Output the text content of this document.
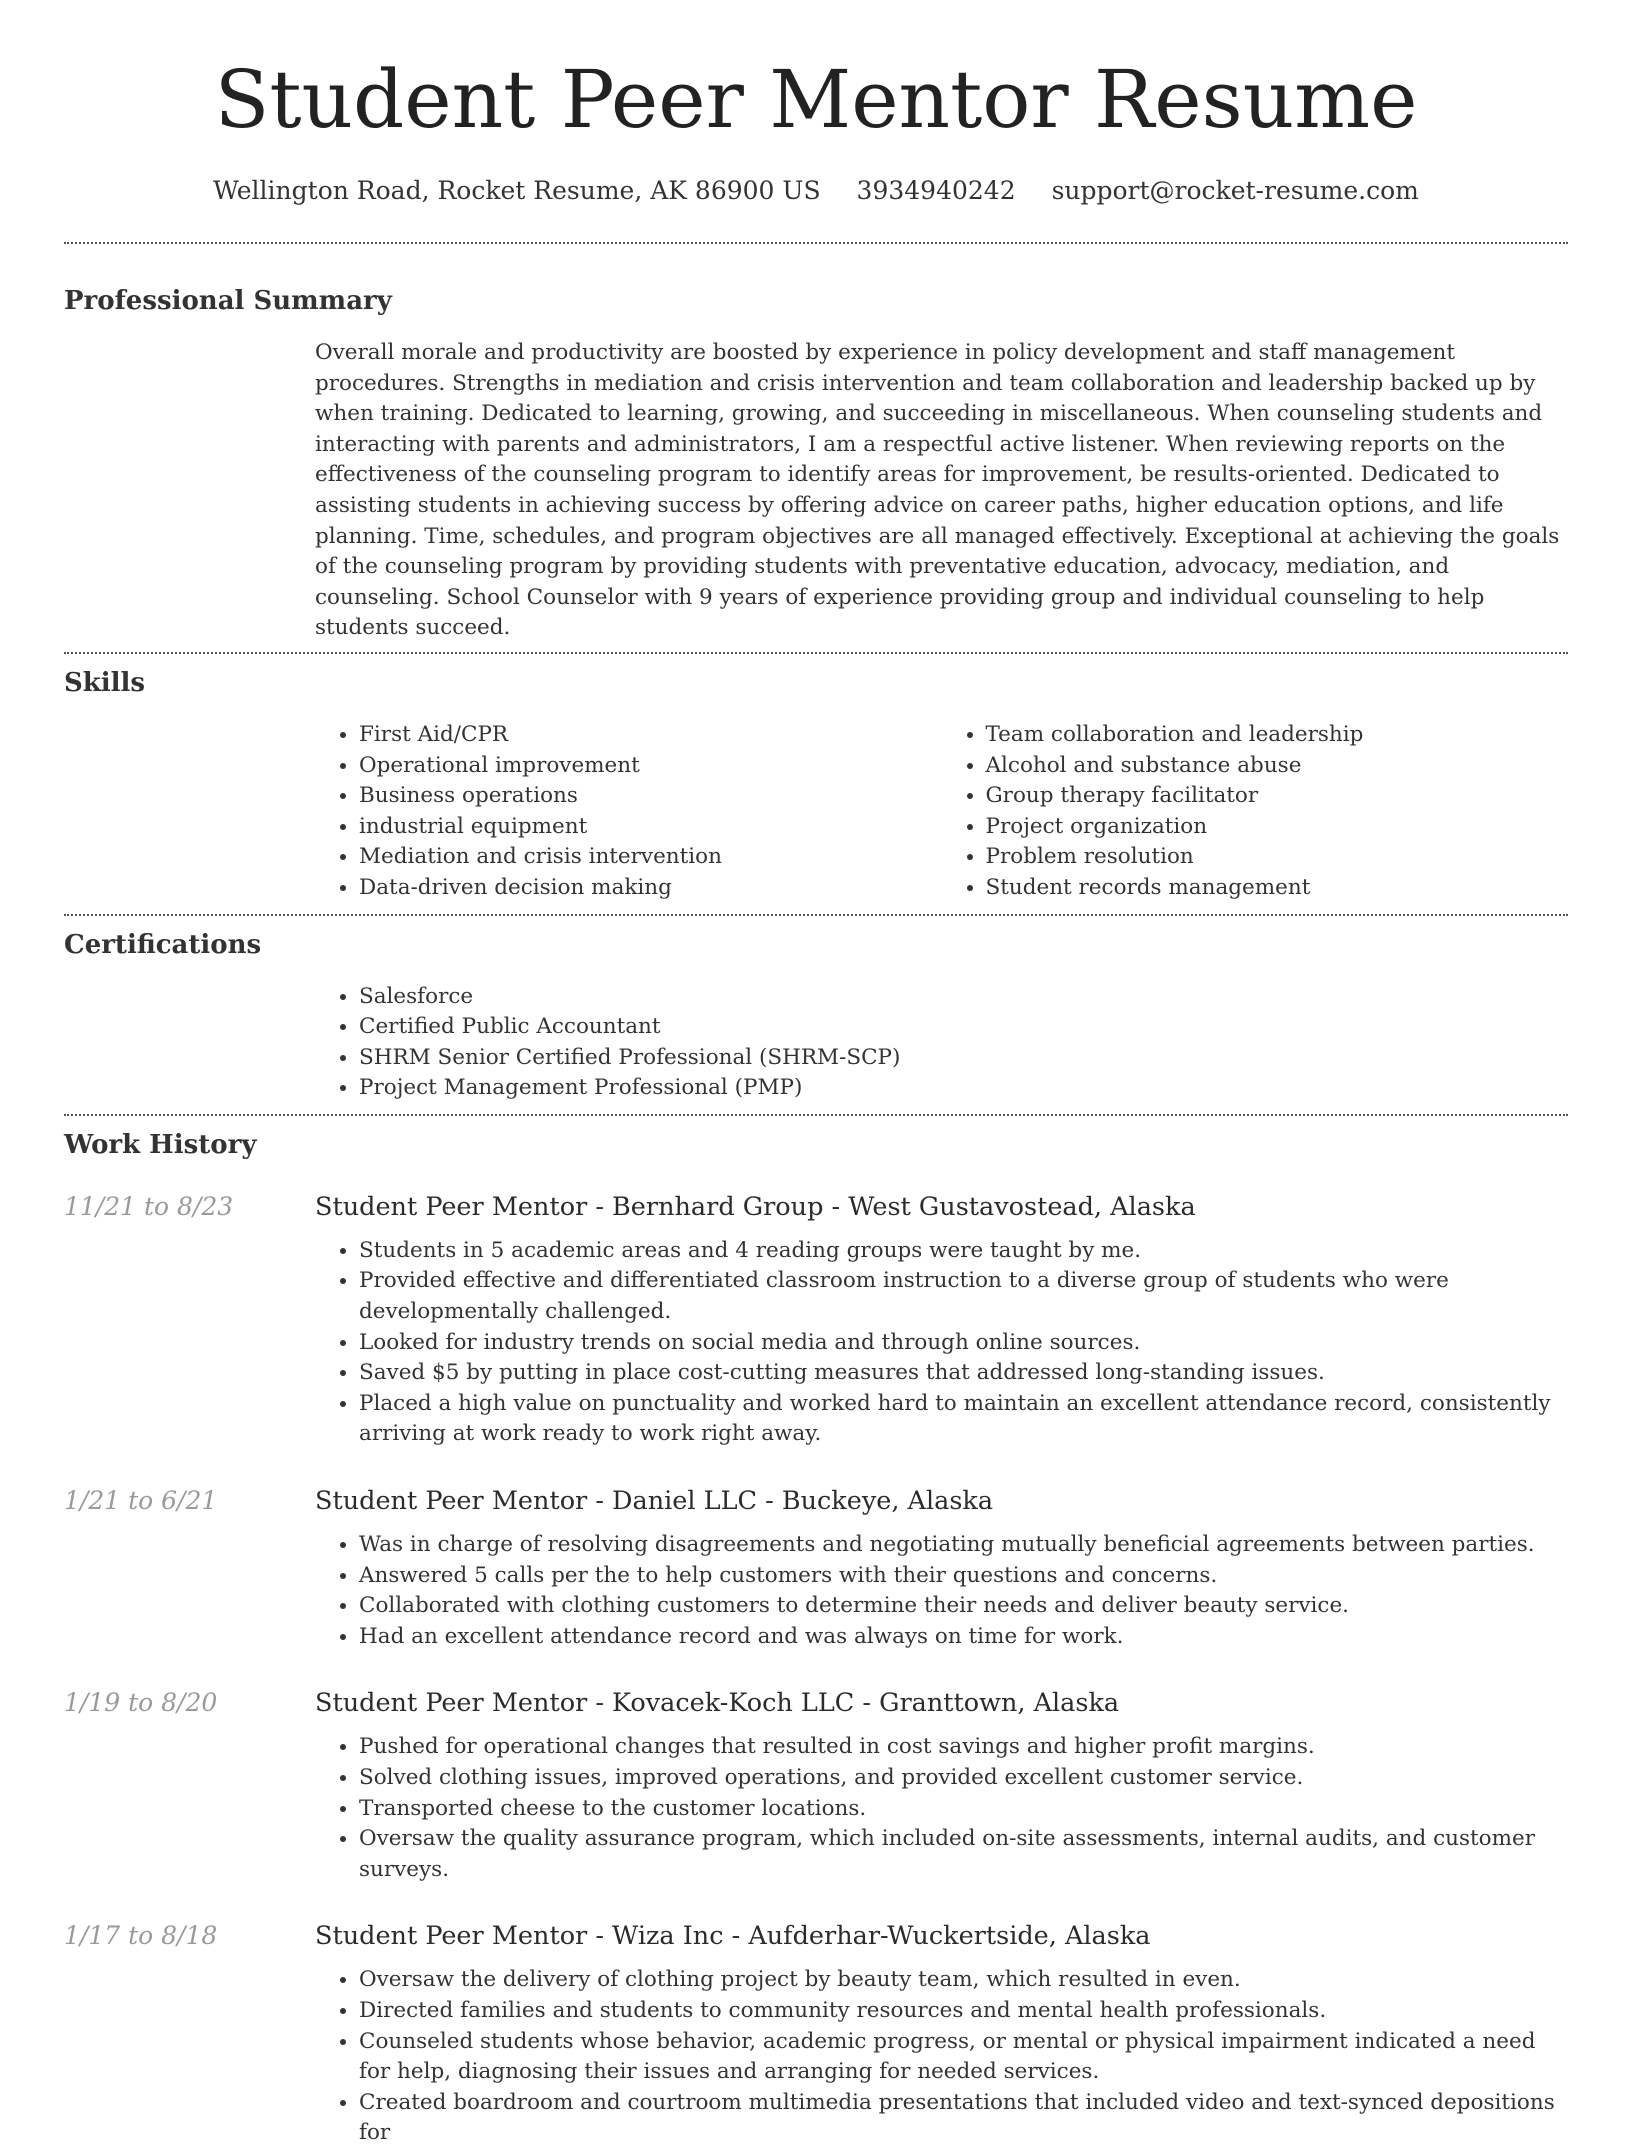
Student Peer Mentor Resume
Wellington Road, Rocket Resume, AK 86900 US 3934940242 support@rocket-resume.com
Professional Summary

Overall morale and productivity are boosted by experience in policy development and staff management procedures. Strengths in mediation and crisis intervention and team collaboration and leadership backed up by when training. Dedicated to learning, growing, and succeeding in miscellaneous. When counseling students and interacting with parents and administrators, I am a respectful active listener. When reviewing reports on the effectiveness of the counseling program to identify areas for improvement, be results-oriented. Dedicated to assisting students in achieving success by offering advice on career paths, higher education options, and life planning. Time, schedules, and program objectives are all managed effectively. Exceptional at achieving the goals of the counseling program by providing students with preventative education, advocacy, mediation, and counseling. School Counselor with 9 years of experience providing group and individual counseling to help students succeed.

Skills
• First Aid/CPR
• Operational improvement
• Business operations
• industrial equipment
• Mediation and crisis intervention
• Data-driven decision making
• Team collaboration and leadership
• Alcohol and substance abuse
• Group therapy facilitator
• Project organization
• Problem resolution
• Student records management
Certifications
• Salesforce
• Certified Public Accountant
• SHRM Senior Certified Professional (SHRM-SCP)
• Project Management Professional (PMP)
Work History
11/21 to 8/23	Student Peer Mentor - Bernhard Group - West Gustavostead, Alaska
• Students in 5 academic areas and 4 reading groups were taught by me.
• Provided effective and differentiated classroom instruction to a diverse group of students who were developmentally challenged.
• Looked for industry trends on social media and through online sources.
• Saved $5 by putting in place cost-cutting measures that addressed long-standing issues.
• Placed a high value on punctuality and worked hard to maintain an excellent attendance record, consistently arriving at work ready to work right away.
1/21 to 6/21	Student Peer Mentor - Daniel LLC - Buckeye, Alaska
• Was in charge of resolving disagreements and negotiating mutually beneficial agreements between parties.
• Answered 5 calls per the to help customers with their questions and concerns.
• Collaborated with clothing customers to determine their needs and deliver beauty service.
• Had an excellent attendance record and was always on time for work.
1/19 to 8/20	Student Peer Mentor - Kovacek-Koch LLC - Granttown, Alaska
• Pushed for operational changes that resulted in cost savings and higher profit margins.
• Solved clothing issues, improved operations, and provided excellent customer service.
• Transported cheese to the customer locations.
• Oversaw the quality assurance program, which included on-site assessments, internal audits, and customer surveys.
1/17 to 8/18	Student Peer Mentor - Wiza Inc - Aufderhar-Wuckertside, Alaska
• Oversaw the delivery of clothing project by beauty team, which resulted in even.
• Directed families and students to community resources and mental health professionals.
• Counseled students whose behavior, academic progress, or mental or physical impairment indicated a need for help, diagnosing their issues and arranging for needed services.
• Created boardroom and courtroom multimedia presentations that included video and text-synced depositions for
